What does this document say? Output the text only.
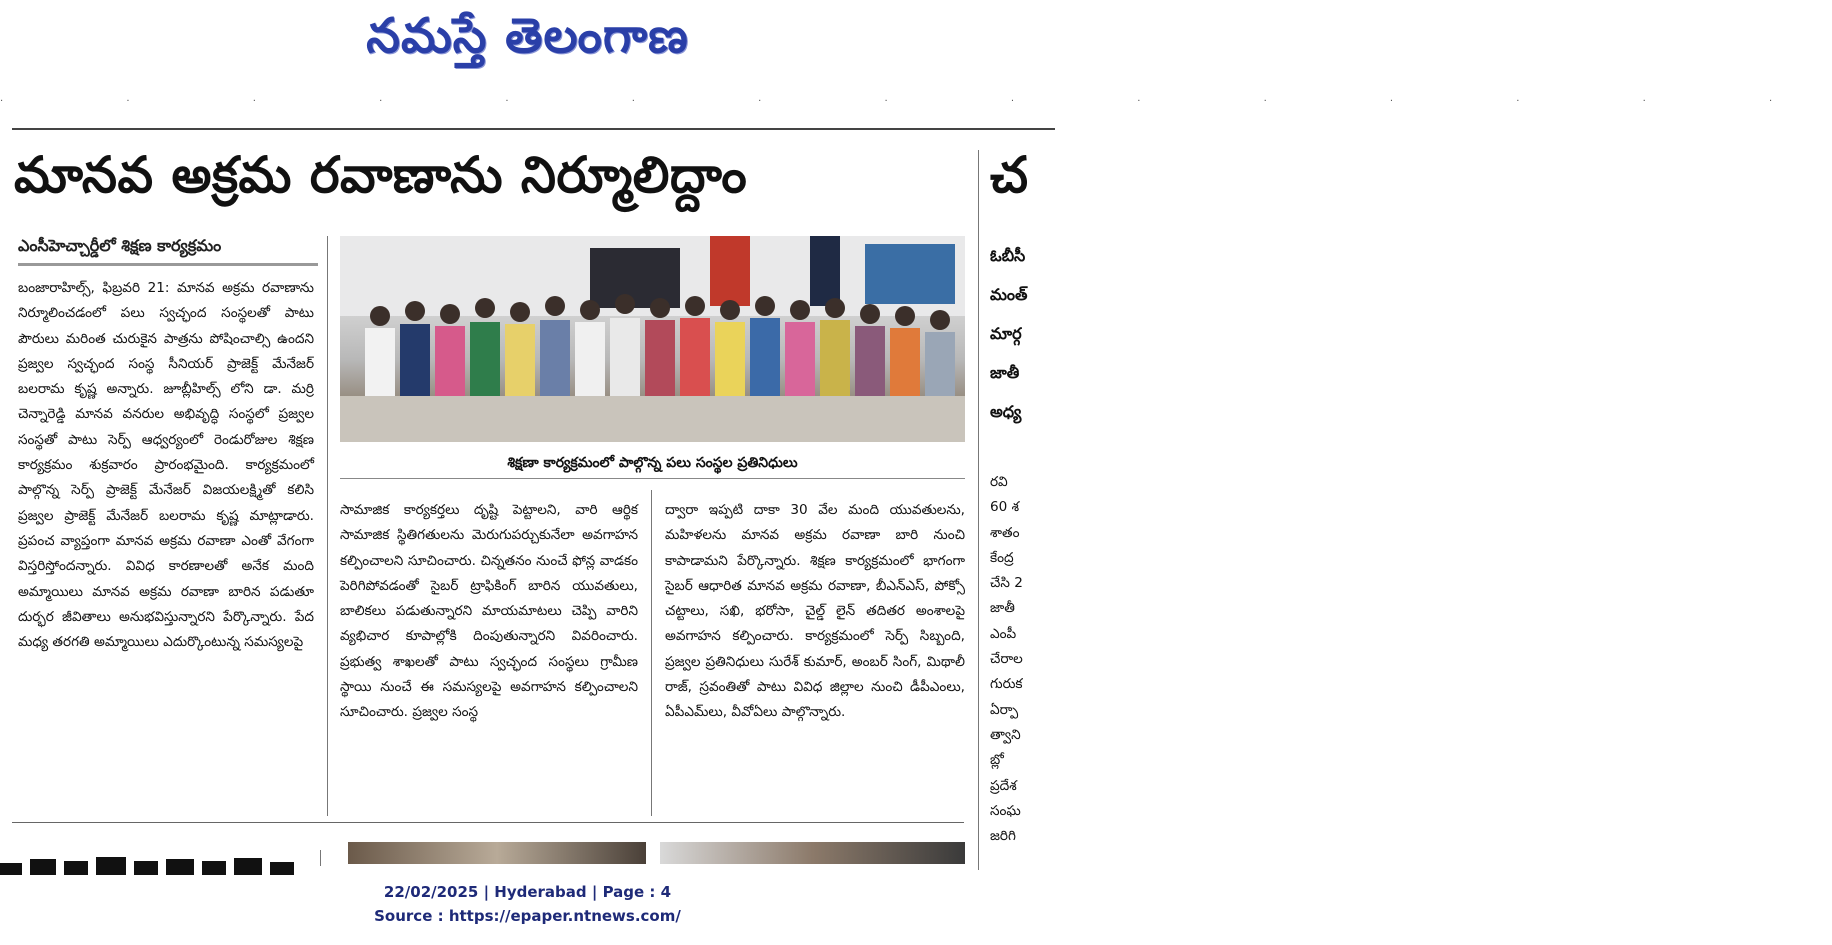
నమస్తే తెలంగాణ
· · · · · · · · · · · · · · ·
మానవ అక్రమ రవాణాను నిర్మూలిద్దాం
ఎంసీహెచ్చార్డీలో శిక్షణ కార్యక్రమం
బంజారాహిల్స్, ఫిబ్రవరి 21: మానవ అక్రమ రవాణాను నిర్మూలించడంలో పలు స్వచ్ఛంద సంస్థలతో పాటు పౌరులు మరింత చురుకైన పాత్రను పోషించాల్సి ఉందని ప్రజ్వల స్వచ్ఛంద సంస్థ సీనియర్ ప్రాజెక్ట్ మేనేజర్ బలరామ కృష్ణ అన్నారు. జూబ్లీహిల్స్ లోని డా. మర్రి చెన్నారెడ్డి మానవ వనరుల అభివృద్ధి సంస్థలో ప్రజ్వల సంస్థతో పాటు సెర్ప్ ఆధ్వర్యంలో రెండురోజుల శిక్షణ కార్యక్రమం శుక్రవారం ప్రారంభమైంది. కార్యక్రమంలో పాల్గొన్న సెర్ప్ ప్రాజెక్ట్ మేనేజర్ విజయలక్ష్మితో కలిసి ప్రజ్వల ప్రాజెక్ట్ మేనేజర్ బలరామ కృష్ణ మాట్లాడారు. ప్రపంచ వ్యాప్తంగా మానవ అక్రమ రవాణా ఎంతో వేగంగా విస్తరిస్తోందన్నారు. వివిధ కారణాలతో అనేక మంది అమ్మాయిలు మానవ అక్రమ రవాణా బారిన పడుతూ దుర్భర జీవితాలు అనుభవిస్తున్నారని పేర్కొన్నారు. పేద మధ్య తరగతి అమ్మాయిలు ఎదుర్కొంటున్న సమస్యలపై
శిక్షణా కార్యక్రమంలో పాల్గొన్న పలు సంస్థల ప్రతినిధులు
సామాజిక కార్యకర్తలు దృష్టి పెట్టాలని, వారి ఆర్థిక సామాజిక స్థితిగతులను మెరుగుపర్చుకునేలా అవగాహన కల్పించాలని సూచించారు. చిన్నతనం నుంచే ఫోన్ల వాడకం పెరిగిపోవడంతో సైబర్ ట్రాఫికింగ్ బారిన యువతులు, బాలికలు పడుతున్నారని మాయమాటలు చెప్పి వారిని వ్యభిచార కూపాల్లోకి దింపుతున్నారని వివరించారు. ప్రభుత్వ శాఖలతో పాటు స్వచ్ఛంద సంస్థలు గ్రామీణ స్థాయి నుంచే ఈ సమస్యలపై అవగాహన కల్పించాలని సూచించారు. ప్రజ్వల సంస్థ
ద్వారా ఇప్పటి దాకా 30 వేల మంది యువతులను, మహిళలను మానవ అక్రమ రవాణా బారి నుంచి కాపాడామని పేర్కొన్నారు. శిక్షణ కార్యక్రమంలో భాగంగా సైబర్ ఆధారిత మానవ అక్రమ రవాణా, బీఎన్ఎస్, పోక్సో చట్టాలు, సఖి, భరోసా, చైల్డ్ లైన్ తదితర అంశాలపై అవగాహన కల్పించారు. కార్యక్రమంలో సెర్ప్ సిబ్బంది, ప్రజ్వల ప్రతినిధులు సురేశ్ కుమార్, అంబర్ సింగ్, మిథాలీ రాజ్, స్రవంతితో పాటు వివిధ జిల్లాల నుంచి డీపీఎంలు, ఏపీఎమ్‌లు, వీవోఏలు పాల్గొన్నారు.
చ
ఓబీసీ
మంత్
మార్గ
జాతీ
అధ్య
రవి
60 శ
శాతం
కేంద్ర
చేసి 2
జాతీ
ఎంపీ
చేరాల
గురుక
ఏర్పా
త్వాని
బ్లో
ప్రదేశ
సంఘ
జరిగి
22/02/2025 | Hyderabad | Page : 4
Source : https://epaper.ntnews.com/
